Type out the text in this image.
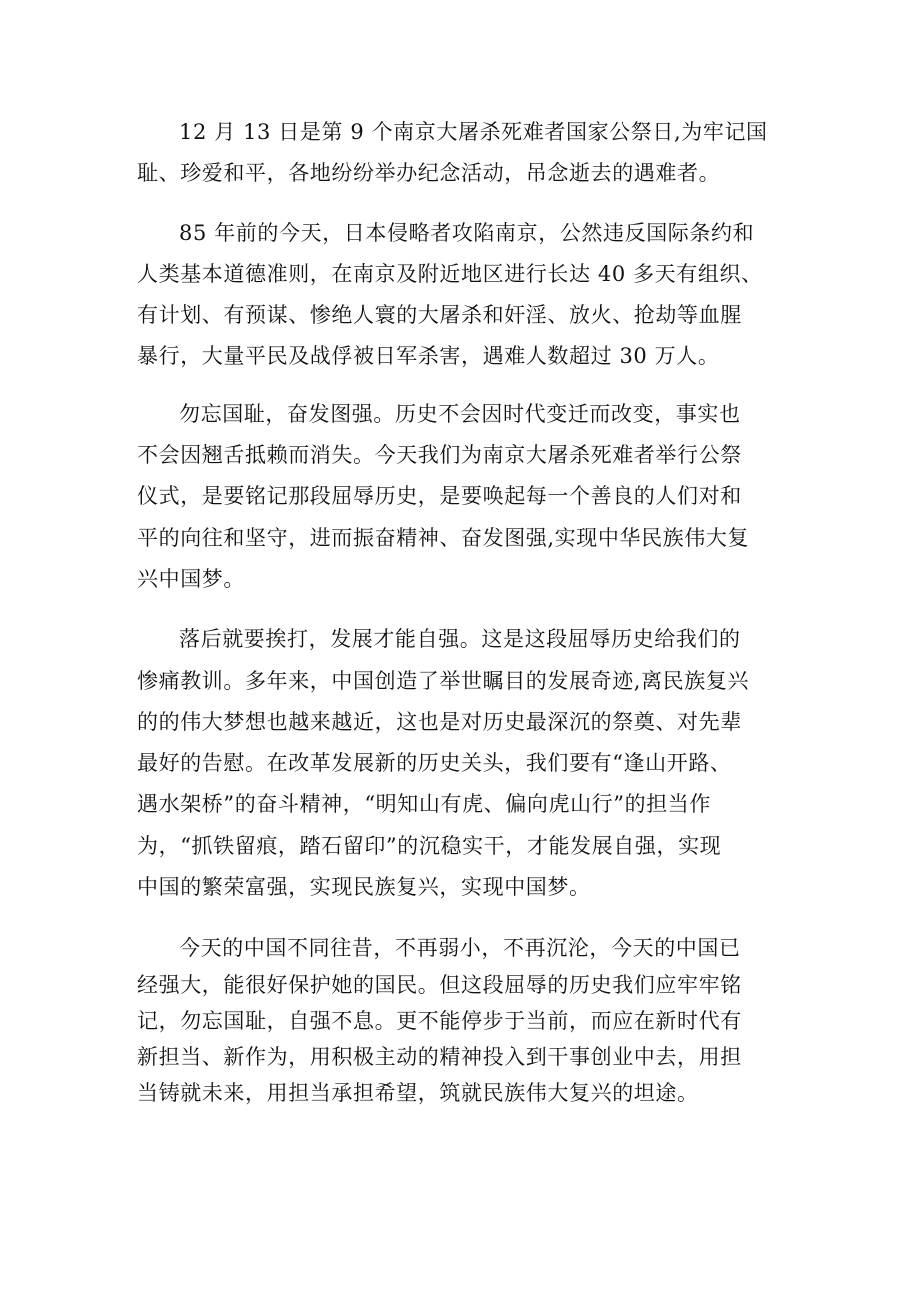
12 月 13 日是第 9 个南京大屠杀死难者国家公祭日,为牢记国
耻、珍爱和平，各地纷纷举办纪念活动，吊念逝去的遇难者。

85 年前的今天，日本侵略者攻陷南京，公然违反国际条约和
人类基本道德准则，在南京及附近地区进行长达 40 多天有组织、
有计划、有预谋、惨绝人寰的大屠杀和奸淫、放火、抢劫等血腥
暴行，大量平民及战俘被日军杀害，遇难人数超过 30 万人。

勿忘国耻，奋发图强。历史不会因时代变迁而改变，事实也
不会因翘舌抵赖而消失。今天我们为南京大屠杀死难者举行公祭
仪式，是要铭记那段屈辱历史，是要唤起每一个善良的人们对和
平的向往和坚守，进而振奋精神、奋发图强,实现中华民族伟大复
兴中国梦。

落后就要挨打，发展才能自强。这是这段屈辱历史给我们的
惨痛教训。多年来，中国创造了举世瞩目的发展奇迹,离民族复兴
的的伟大梦想也越来越近，这也是对历史最深沉的祭奠、对先辈
最好的告慰。在改革发展新的历史关头，我们要有“逢山开路、
遇水架桥”的奋斗精神，“明知山有虎、偏向虎山行”的担当作
为，“抓铁留痕，踏石留印”的沉稳实干，才能发展自强，实现
中国的繁荣富强，实现民族复兴，实现中国梦。

今天的中国不同往昔，不再弱小，不再沉沦，今天的中国已
经强大，能很好保护她的国民。但这段屈辱的历史我们应牢牢铭
记，勿忘国耻，自强不息。更不能停步于当前，而应在新时代有
新担当、新作为，用积极主动的精神投入到干事创业中去，用担
当铸就未来，用担当承担希望，筑就民族伟大复兴的坦途。
